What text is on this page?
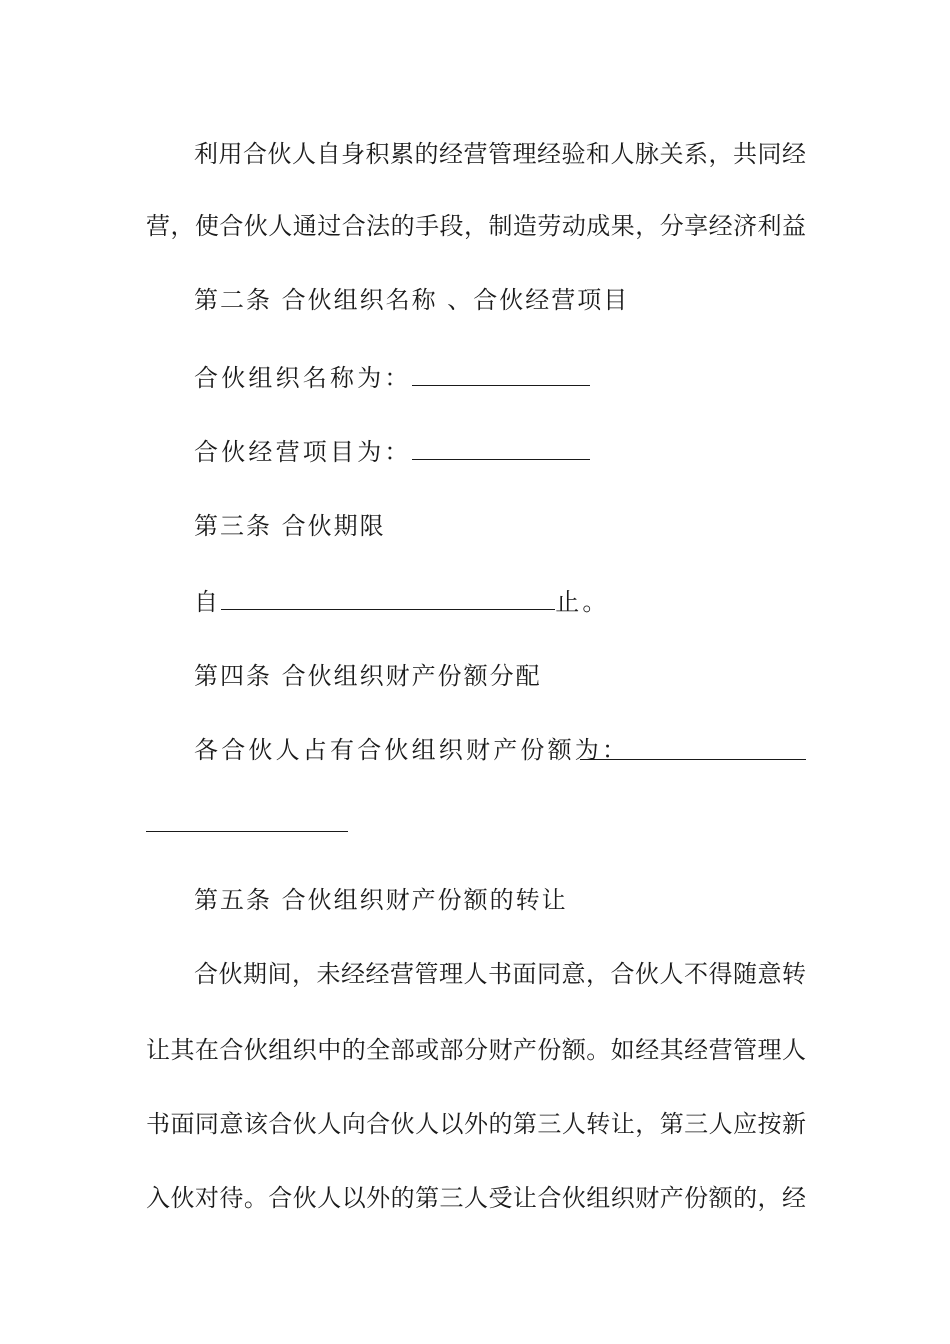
利用合伙人自身积累的经营管理经验和人脉关系，共同经
营，使合伙人通过合法的手段，制造劳动成果，分享经济利益
第二条 合伙组织名称 、合伙经营项目
合伙组织名称为：
合伙经营项目为：
第三条 合伙期限
自	止。
第四条 合伙组织财产份额分配
各合伙人占有合伙组织财产份额为：
第五条 合伙组织财产份额的转让
合伙期间，未经经营管理人书面同意，合伙人不得随意转
让其在合伙组织中的全部或部分财产份额。如经其经营管理人
书面同意该合伙人向合伙人以外的第三人转让，第三人应按新
入伙对待。合伙人以外的第三人受让合伙组织财产份额的，经
